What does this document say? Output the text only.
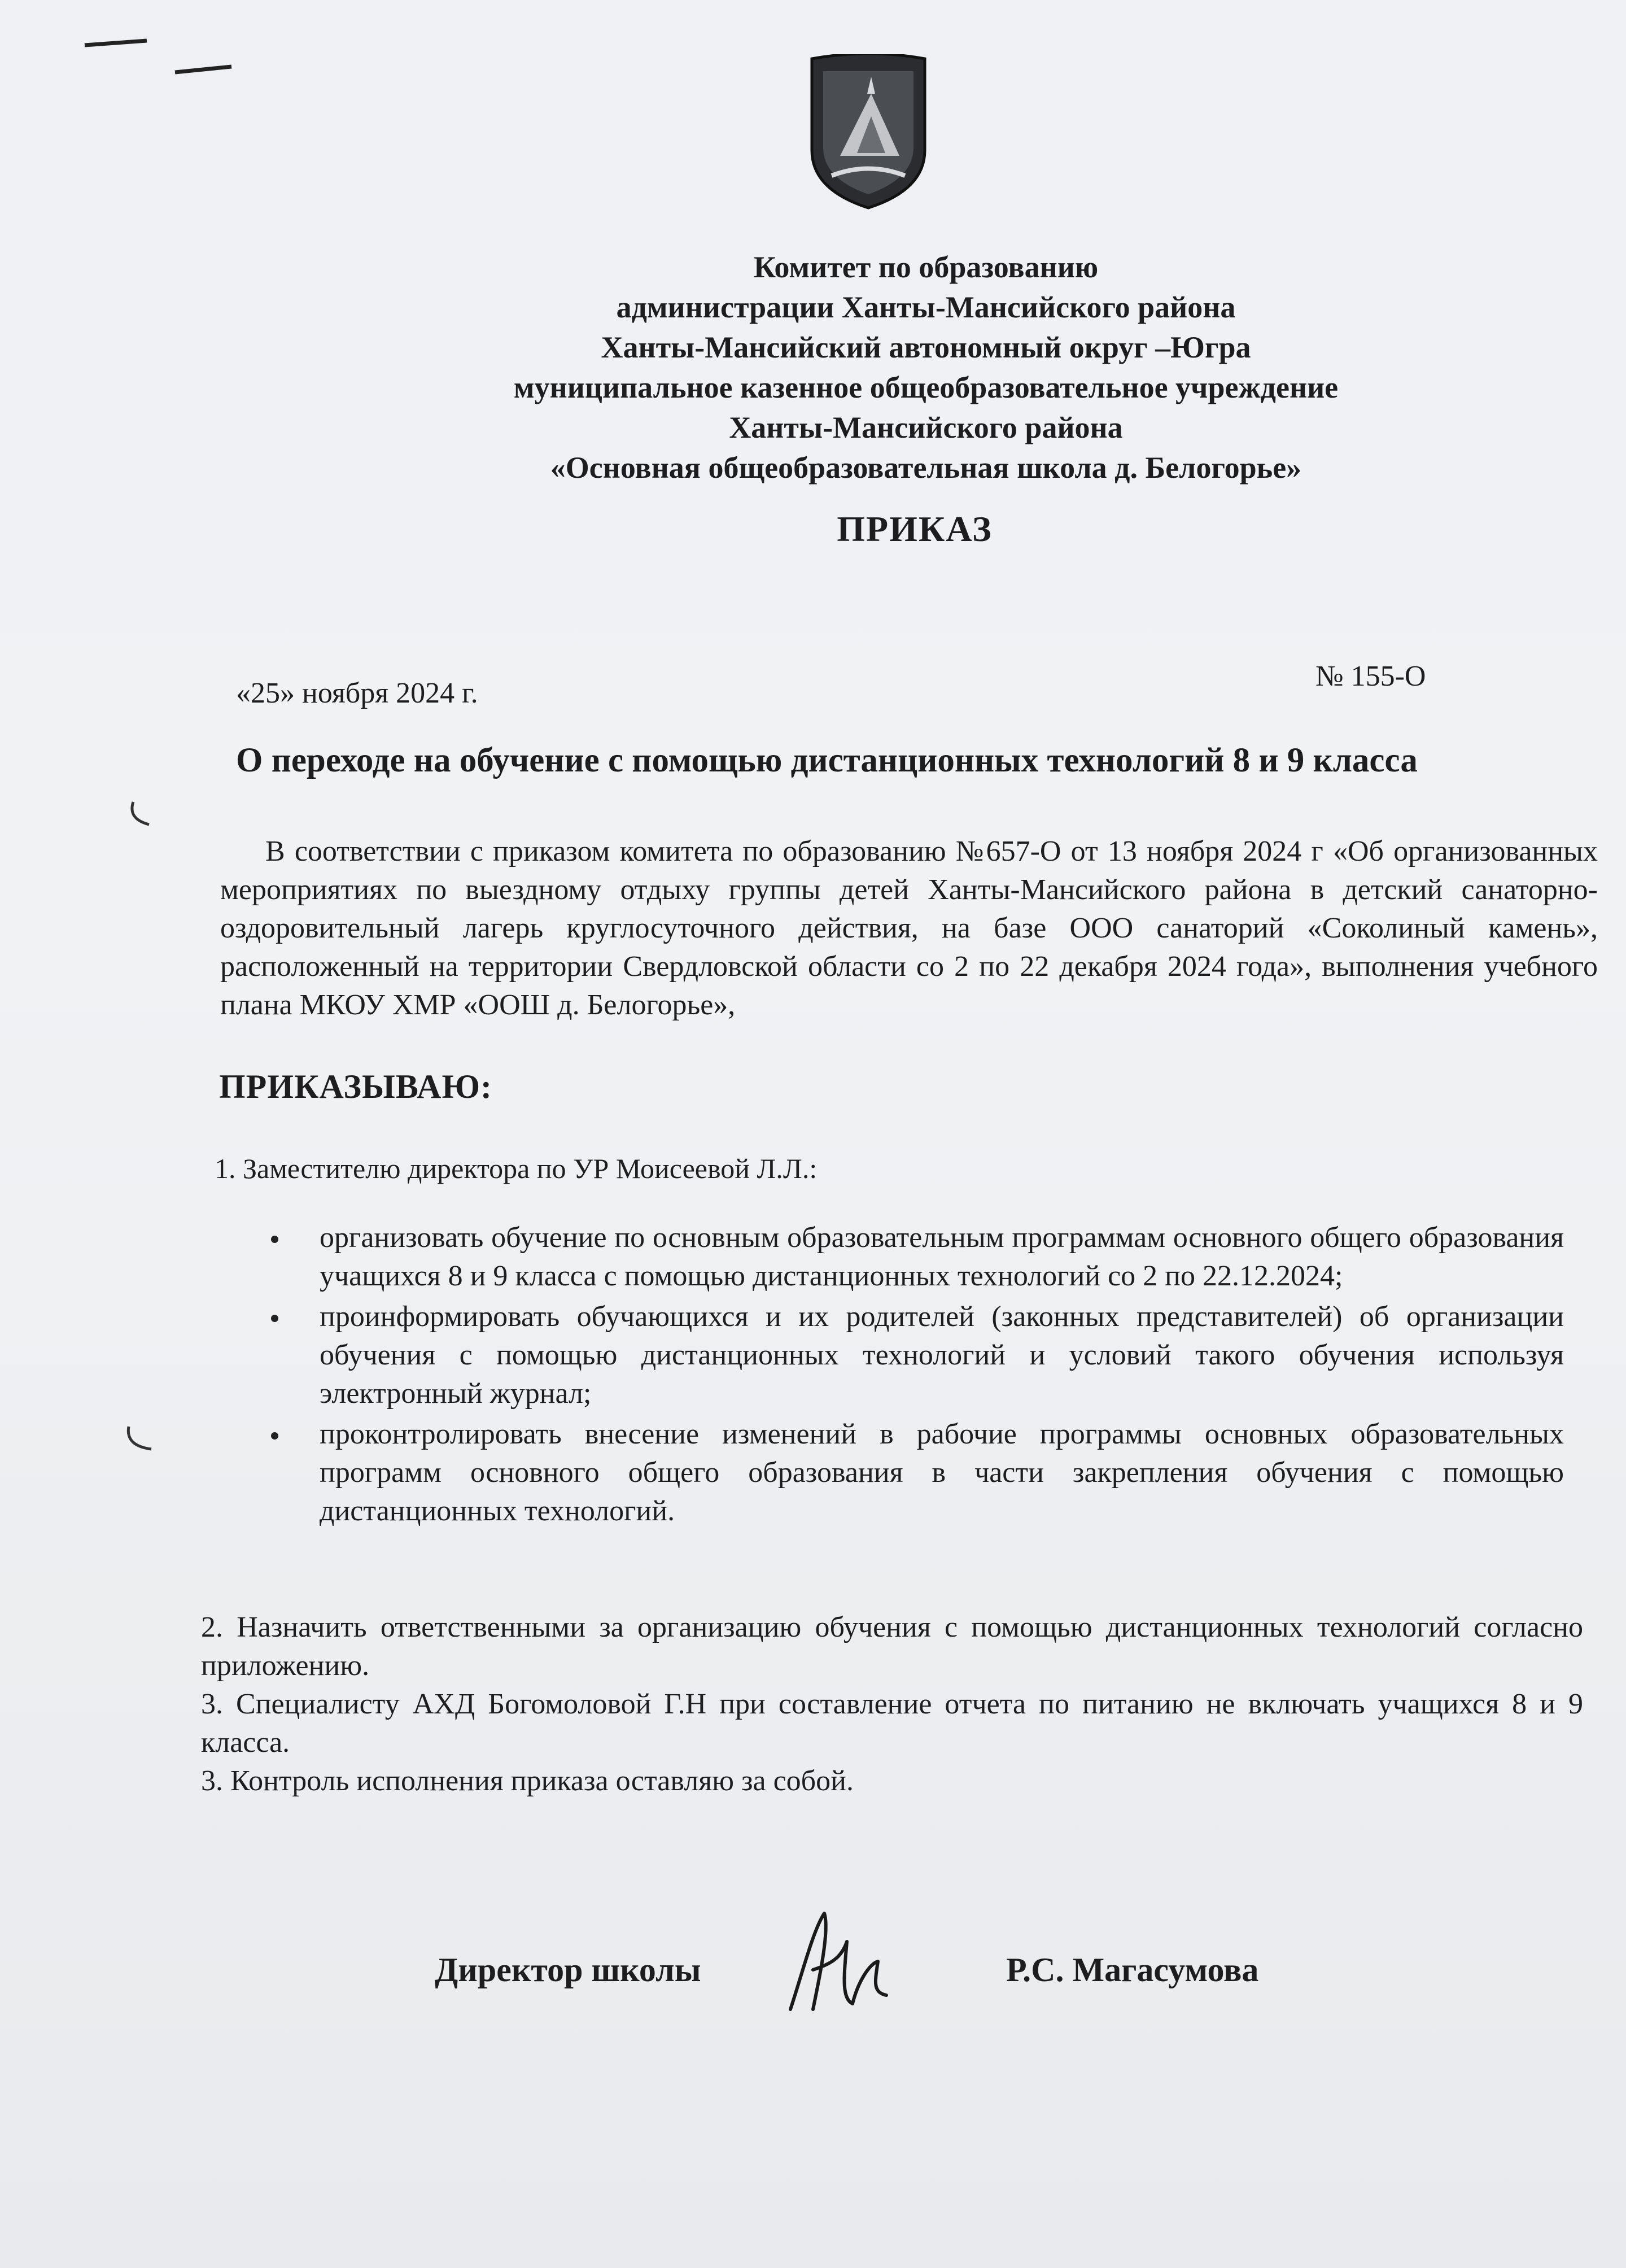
Комитет по образованию
администрации Ханты-Мансийского района
Ханты-Мансийский автономный округ –Югра
муниципальное казенное общеобразовательное учреждение
Ханты-Мансийского района
«Основная общеобразовательная школа д. Белогорье»
ПРИКАЗ
«25» ноября 2024 г.
№ 155-О
О переходе на обучение с помощью дистанционных технологий 8 и 9 класса

В соответствии с приказом комитета по образованию №657-О от 13 ноября 2024 г «Об организованных мероприятиях по выездному отдыху группы детей Ханты-Мансийского района в детский санаторно-оздоровительный лагерь круглосуточного действия, на базе ООО санаторий «Соколиный камень», расположенный на территории Свердловской области со 2 по 22 декабря 2024 года», выполнения учебного плана МКОУ ХМР «ООШ д. Белогорье»,

ПРИКАЗЫВАЮ:
1. Заместителю директора по УР Моисеевой Л.Л.:
организовать обучение по основным образовательным программам основного общего образования учащихся 8 и 9 класса с помощью дистанционных технологий со 2 по 22.12.2024;
проинформировать обучающихся и их родителей (законных представителей) об организации обучения с помощью дистанционных технологий и условий такого обучения используя электронный журнал;
проконтролировать внесение изменений в рабочие программы основных образовательных программ основного общего образования в части закрепления обучения с помощью дистанционных технологий.

2. Назначить ответственными за организацию обучения с помощью дистанционных технологий согласно приложению.

3. Специалисту АХД Богомоловой Г.Н при составление отчета по питанию не включать учащихся 8 и 9 класса.

3. Контроль исполнения приказа оставляю за собой.

Директор школы	Р.С. Магасумова
